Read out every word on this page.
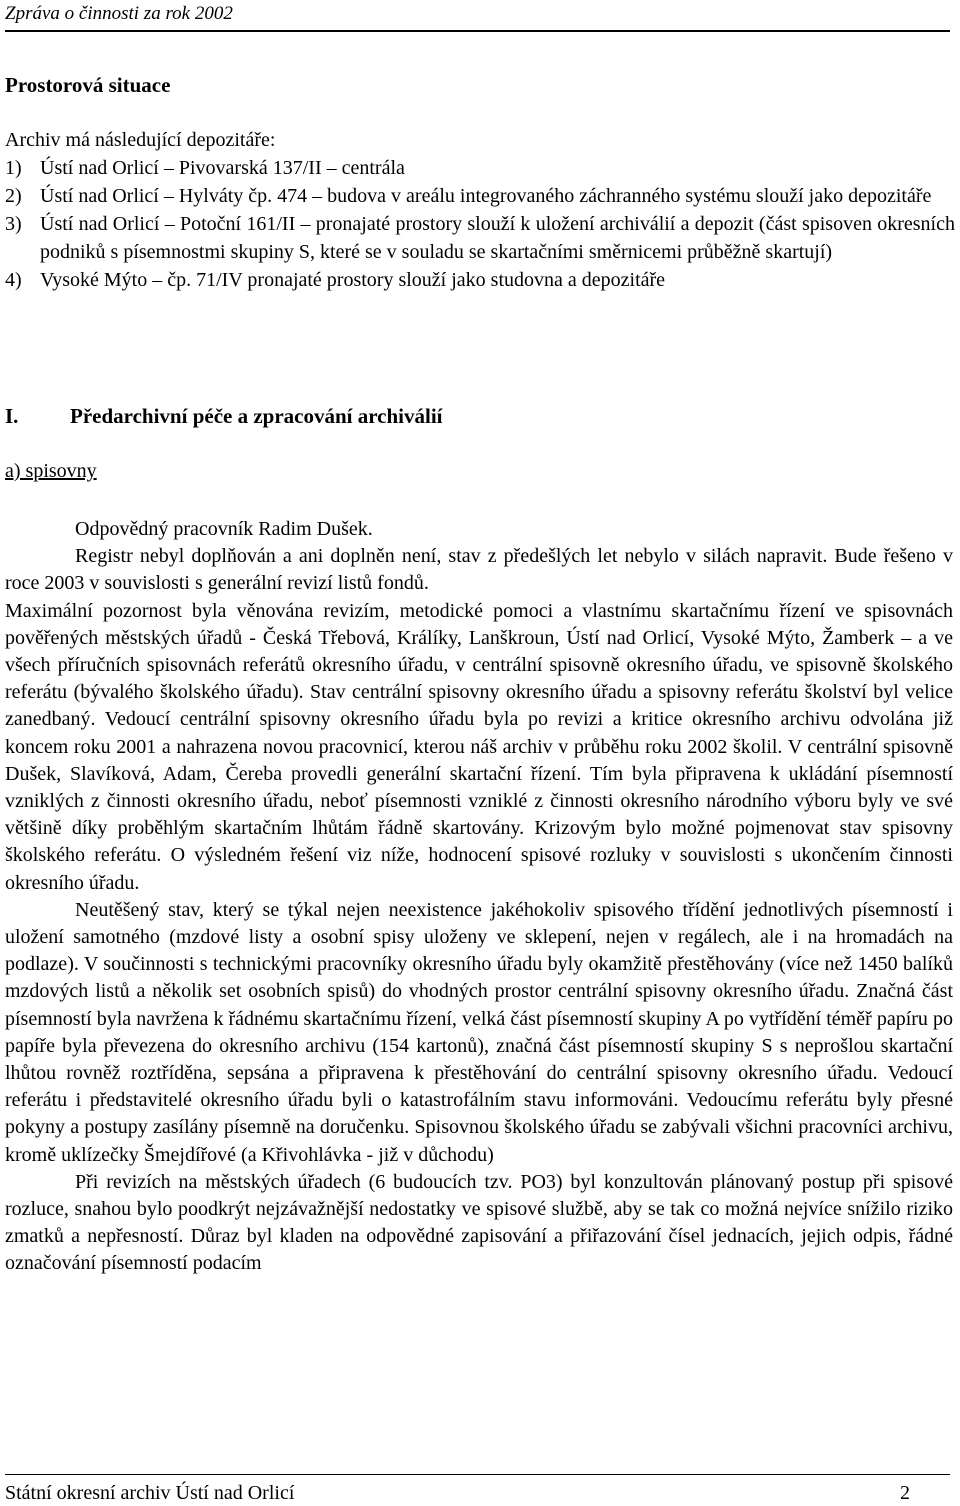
Zpráva o činnosti za rok 2002
Prostorová situace
Archiv má následující depozitáře:
1) Ústí nad Orlicí – Pivovarská 137/II – centrála
2) Ústí nad Orlicí – Hylváty čp. 474 – budova v areálu integrovaného záchranného systému slouží jako depozitáře
3) Ústí nad Orlicí – Potoční 161/II – pronajaté prostory slouží k uložení archiválií a depozit (část spisoven okresních podniků s písemnostmi skupiny S, které se v souladu se skartačními směrnicemi průběžně skartují)
4) Vysoké Mýto – čp. 71/IV pronajaté prostory slouží jako studovna a depozitáře
I.	Předarchivní péče a zpracování archiválií
a) spisovny

Odpovědný pracovník Radim Dušek.

Registr nebyl doplňován a ani doplněn není, stav z předešlých let nebylo v silách napravit. Bude řešeno v roce 2003 v souvislosti s generální revizí listů fondů.

Maximální pozornost byla věnována revizím, metodické pomoci a vlastnímu skartačnímu řízení ve spisovnách pověřených městských úřadů - Česká Třebová, Králíky, Lanškroun, Ústí nad Orlicí, Vysoké Mýto, Žamberk – a ve všech příručních spisovnách referátů okresního úřadu, v centrální spisovně okresního úřadu, ve spisovně školského referátu (bývalého školského úřadu). Stav centrální spisovny okresního úřadu a spisovny referátu školství byl velice zanedbaný. Vedoucí centrální spisovny okresního úřadu byla po revizi a kritice okresního archivu odvolána již koncem roku 2001 a nahrazena novou pracovnicí, kterou náš archiv v průběhu roku 2002 školil. V centrální spisovně Dušek, Slavíková, Adam, Čereba provedli generální skartační řízení. Tím byla připravena k ukládání písemností vzniklých z činnosti okresního úřadu, neboť písemnosti vzniklé z činnosti okresního národního výboru byly ve své většině díky proběhlým skartačním lhůtám řádně skartovány. Krizovým bylo možné pojmenovat stav spisovny školského referátu. O výsledném řešení viz níže, hodnocení spisové rozluky v souvislosti s ukončením činnosti okresního úřadu.

Neutěšený stav, který se týkal nejen neexistence jakéhokoliv spisového třídění jednotlivých písemností i uložení samotného (mzdové listy a osobní spisy uloženy ve sklepení, nejen v regálech, ale i na hromadách na podlaze). V součinnosti s technickými pracovníky okresního úřadu byly okamžitě přestěhovány (více než 1450 balíků mzdových listů a několik set osobních spisů) do vhodných prostor centrální spisovny okresního úřadu. Značná část písemností byla navržena k řádnému skartačnímu řízení, velká část písemností skupiny A po vytřídění téměř papíru po papíře byla převezena do okresního archivu (154 kartonů), značná část písemností skupiny S s neprošlou skartační lhůtou rovněž roztříděna, sepsána a připravena k přestěhování do centrální spisovny okresního úřadu. Vedoucí referátu i představitelé okresního úřadu byli o katastrofálním stavu informováni. Vedoucímu referátu byly přesné pokyny a postupy zasílány písemně na doručenku. Spisovnou školského úřadu se zabývali všichni pracovníci archivu, kromě uklízečky Šmejdířové (a Křivohlávka - již v důchodu)

Při revizích na městských úřadech (6 budoucích tzv. PO3) byl konzultován plánovaný postup při spisové rozluce, snahou bylo poodkrýt nejzávažnější nedostatky ve spisové službě, aby se tak co možná nejvíce snížilo riziko zmatků a nepřesností. Důraz byl kladen na odpovědné zapisování a přiřazování čísel jednacích, jejich odpis, řádné označování písemností podacím

Státní okresní archiv Ústí nad Orlicí	2
